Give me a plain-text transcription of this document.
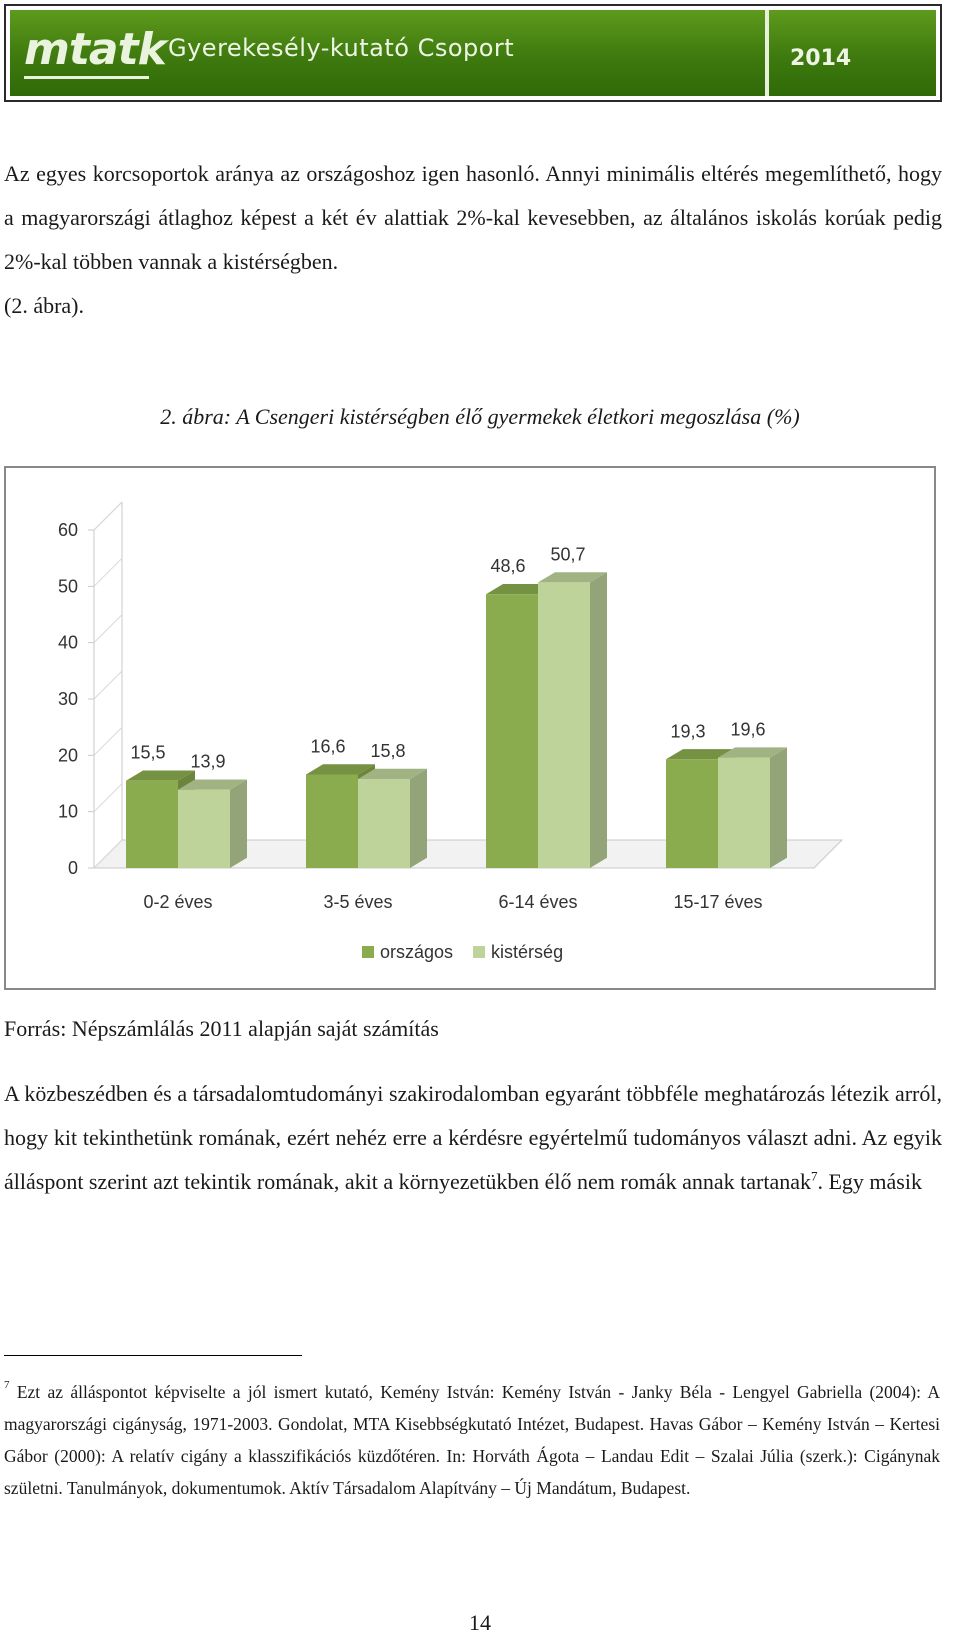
mtatk Gyerekesély-kutató Csoport	2014
Az egyes korcsoportok aránya az országoshoz igen hasonló. Annyi minimális eltérés megemlíthető, hogy a magyarországi átlaghoz képest a két év alattiak 2%-kal kevesebben, az általános iskolás korúak pedig 2%-kal többen vannak a kistérségben.
(2. ábra).
2. ábra: A Csengeri kistérségben élő gyermekek életkori megoszlása (%)
0
10
20
30
40
50
60
15,5 13,9
0-2 éves
16,6 15,8
3-5 éves
48,6
50,7
6-14 éves
19,3 19,6
15-17 éves
országos kistérség
Forrás: Népszámlálás 2011 alapján saját számítás
A közbeszédben és a társadalomtudományi szakirodalomban egyaránt többféle meghatározás létezik arról, hogy kit tekinthetünk romának, ezért nehéz erre a kérdésre egyértelmű tudományos választ adni. Az egyik álláspont szerint azt tekintik romának, akit a környezetükben élő nem romák annak tartanak$^7$. Egy másik
$^7$ Ezt az álláspontot képviselte a jól ismert kutató, Kemény István: Kemény István - Janky Béla - Lengyel Gabriella (2004): A magyarországi cigányság, 1971-2003. Gondolat, MTA Kisebbségkutató Intézet, Budapest. Havas Gábor – Kemény István – Kertesi Gábor (2000): A relatív cigány a klasszifikációs küzdőtéren. In: Horváth Ágota – Landau Edit – Szalai Júlia (szerk.): Cigánynak születni. Tanulmányok, dokumentumok. Aktív Társadalom Alapítvány – Új Mandátum, Budapest.
14
